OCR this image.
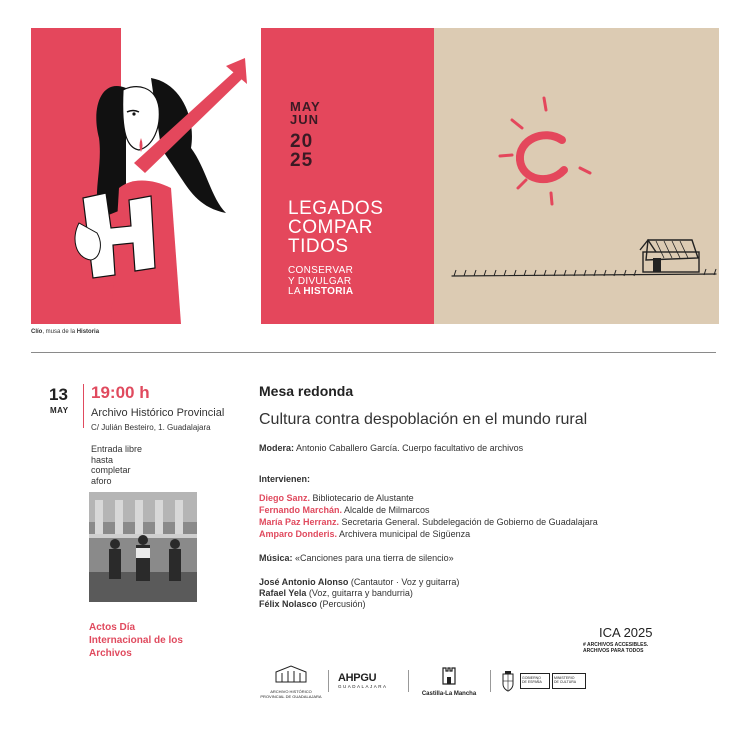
MAY
JUN
20
25
LEGADOS
COMPAR
TIDOS
CONSERVAR
Y DIVULGAR
LA HISTORIA
Clío, musa de la Historia
13
MAY
19:00 h
Archivo Histórico Provincial
C/ Julián Besteiro, 1. Guadalajara
Entrada libre hasta completar aforo
Actos Día Internacional de los Archivos
Mesa redonda
Cultura contra despoblación en el mundo rural
Modera: Antonio Caballero García. Cuerpo facultativo de archivos
Intervienen:
Diego Sanz. Bibliotecario de Alustante
Fernando Marchán. Alcalde de Milmarcos
María Paz Herranz. Secretaria General. Subdelegación de Gobierno de Guadalajara
Amparo Donderis. Archivera municipal de Sigüenza
Música: «Canciones para una tierra de silencio»
José Antonio Alonso (Cantautor · Voz y guitarra)
Rafael Yela (Voz, guitarra y bandurria)
Félix Nolasco (Percusión)
ICA 2025
# ARCHIVOS ACCESIBLES.
ARCHIVOS PARA TODOS
ARCHIVO HISTÓRICO
PROVINCIAL DE GUADALAJARA
AHPGU
GUADALAJARA
Castilla-La Mancha
GOBIERNO
DE ESPAÑA
MINISTERIO
DE CULTURA
